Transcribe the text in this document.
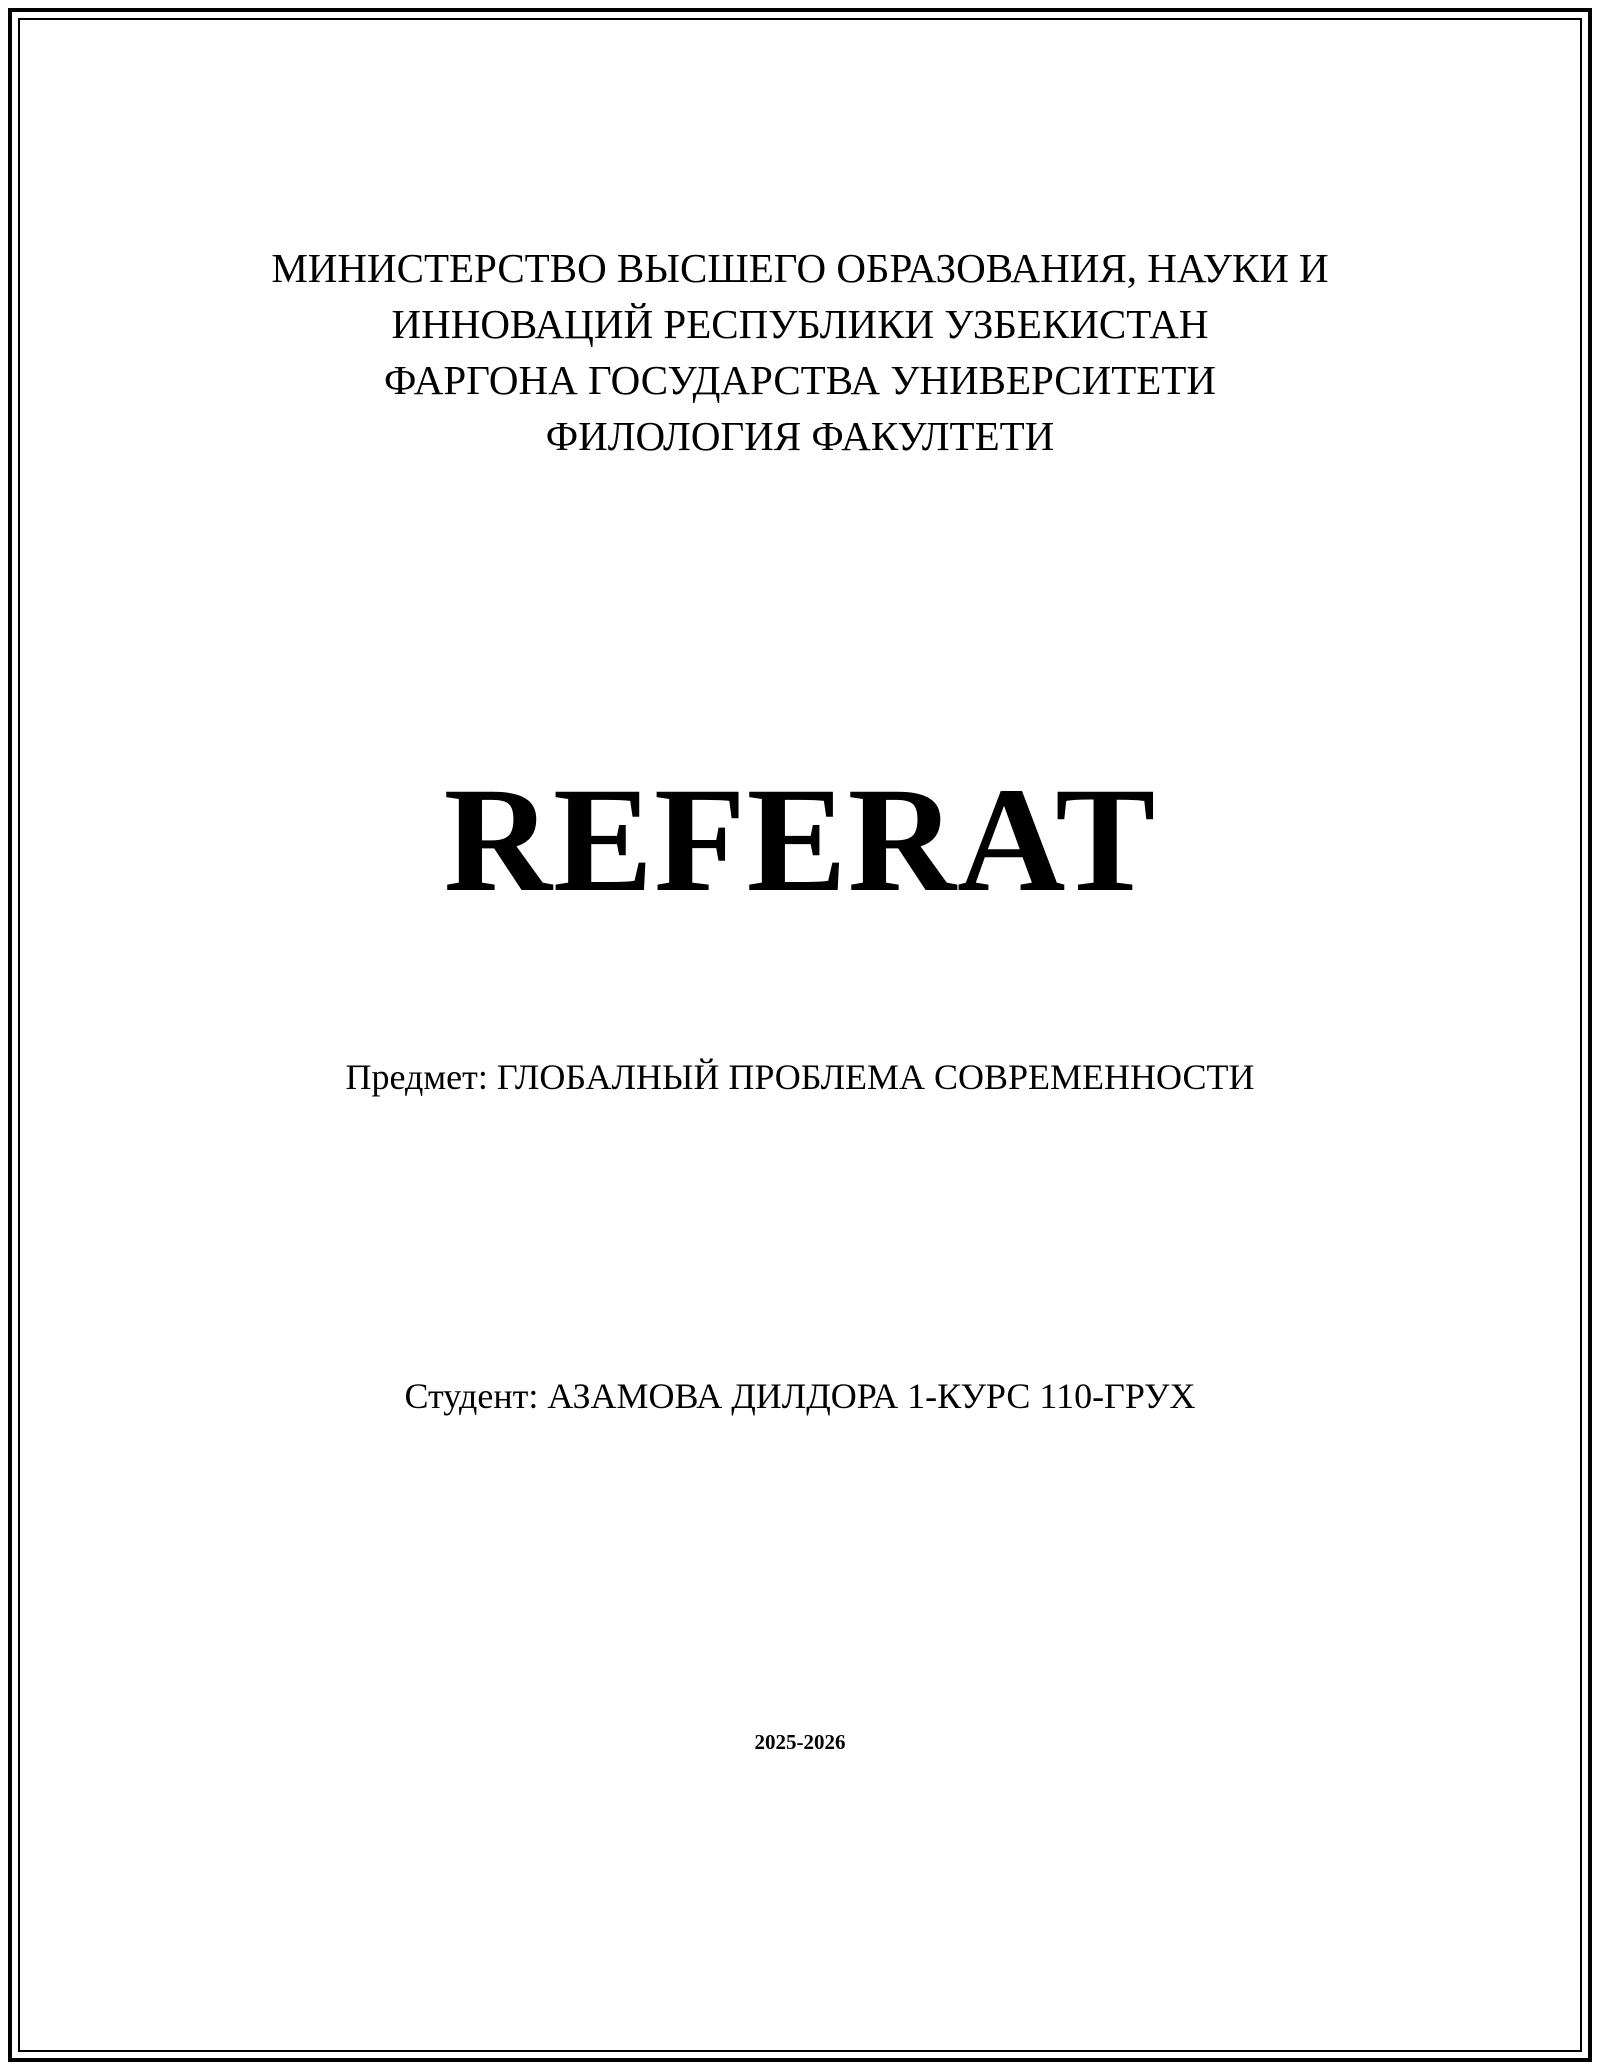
МИНИСТЕРСТВО ВЫСШЕГО ОБРАЗОВАНИЯ, НАУКИ И
ИННОВАЦИЙ РЕСПУБЛИКИ УЗБЕКИСТАН
ФАРГОНА ГОСУДАРСТВА УНИВЕРСИТЕТИ
ФИЛОЛОГИЯ ФАКУЛТЕТИ
REFERAT
Предмет: ГЛОБАЛНЫЙ ПРОБЛЕМА СОВРЕМЕННОСТИ
Студент: АЗАМОВА ДИЛДОРА 1-КУРС 110-ГРУХ
2025-2026
